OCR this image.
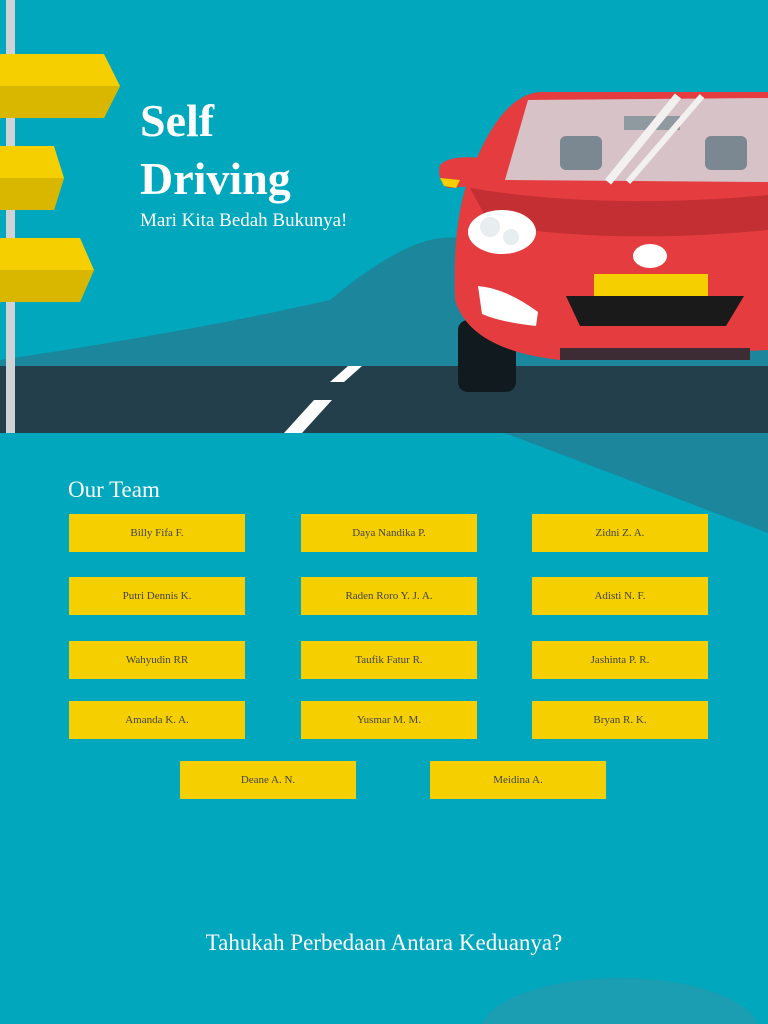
Self
Driving

Mari Kita Bedah Bukunya!

Our Team
Billy Fifa F.	Daya Nandika P.	Zidni Z. A.
Putri Dennis K.	Raden Roro Y. J. A.	Adisti N. F.
Wahyudin RR	Taufik Fatur R.	Jashinta P. R.
Amanda K. A.	Yusmar M. M.	Bryan R. K.
Deane A. N.	Meidina A.
Tahukah Perbedaan Antara Keduanya?
